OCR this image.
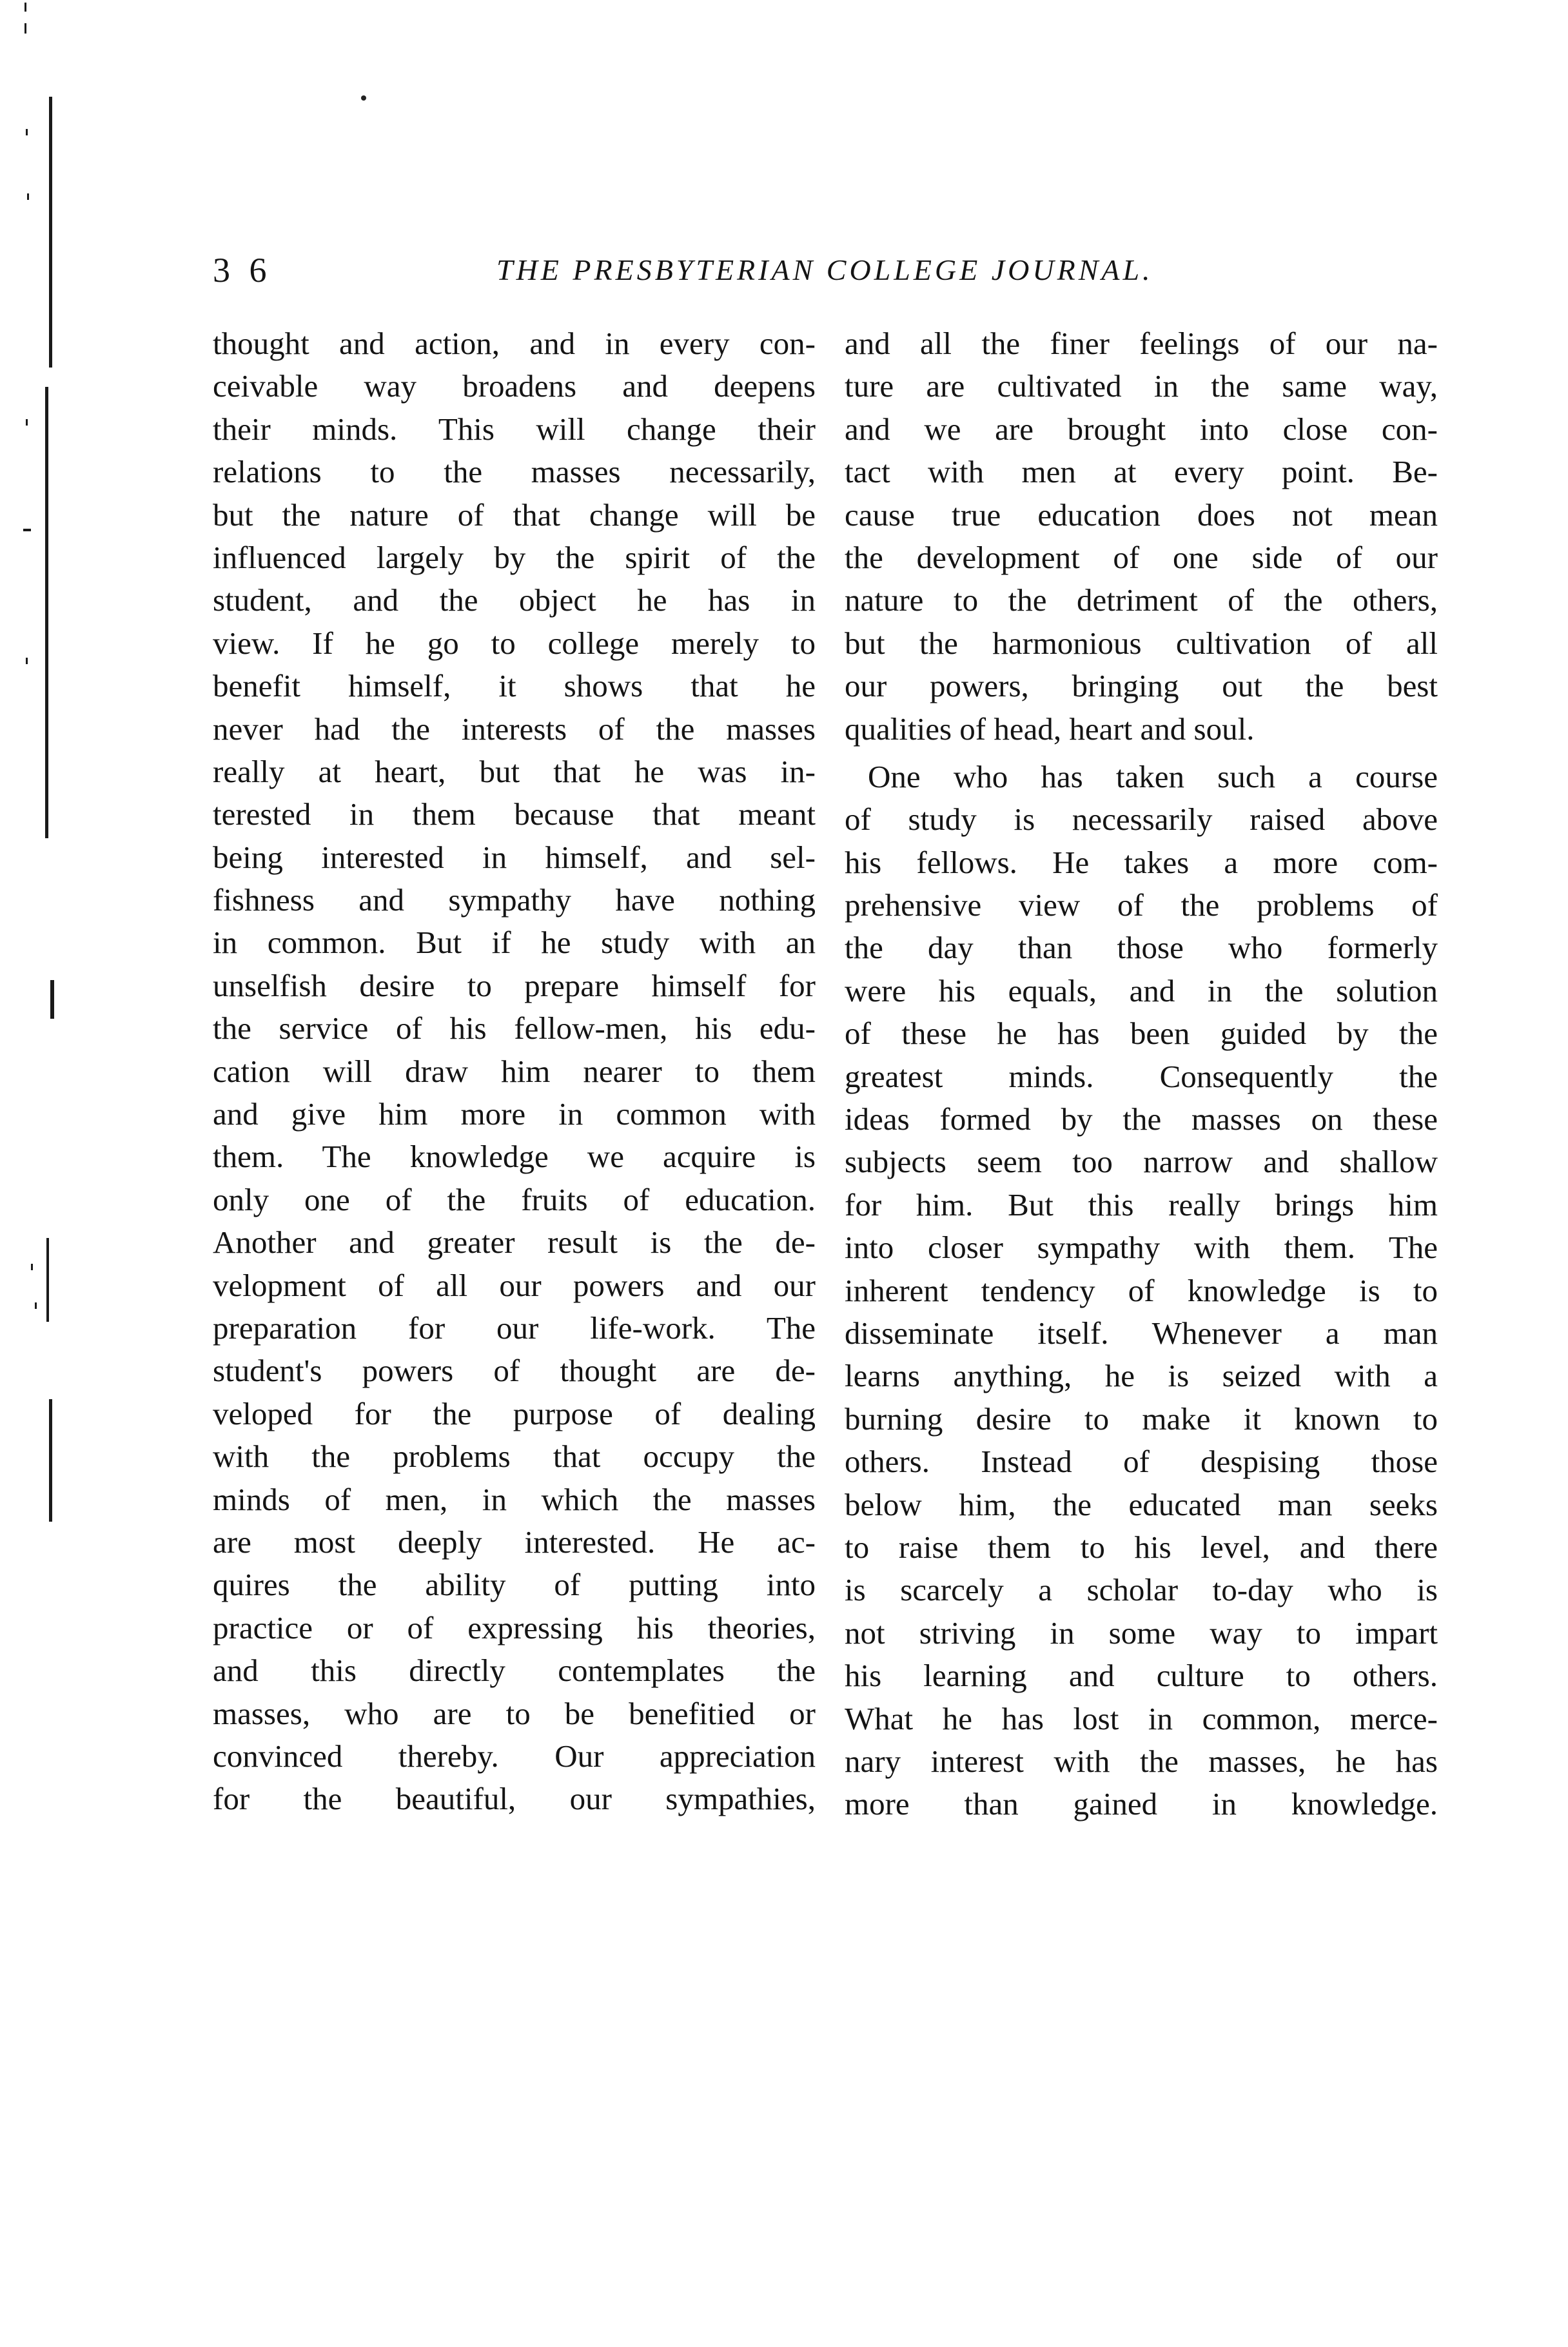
3 6	THE PRESBYTERIAN COLLEGE JOURNAL.
thought and action, and in every con-
ceivable way broadens and deepens
their minds. This will change their
relations to the masses necessarily,
but the nature of that change will be
influenced largely by the spirit of the
student, and the object he has in
view. If he go to college merely to
benefit himself, it shows that he
never had the interests of the masses
really at heart, but that he was in-
terested in them because that meant
being interested in himself, and sel-
fishness and sympathy have nothing
in common. But if he study with an
unselfish desire to prepare himself for
the service of his fellow-men, his edu-
cation will draw him nearer to them
and give him more in common with
them. The knowledge we acquire is
only one of the fruits of education.
Another and greater result is the de-
velopment of all our powers and our
preparation for our life-work. The
student's powers of thought are de-
veloped for the purpose of dealing
with the problems that occupy the
minds of men, in which the masses
are most deeply interested. He ac-
quires the ability of putting into
practice or of expressing his theories,
and this directly contemplates the
masses, who are to be benefitied or
convinced thereby. Our appreciation
for the beautiful, our sympathies,
and all the finer feelings of our na-
ture are cultivated in the same way,
and we are brought into close con-
tact with men at every point. Be-
cause true education does not mean
the development of one side of our
nature to the detriment of the others,
but the harmonious cultivation of all
our powers, bringing out the best
qualities of head, heart and soul.
One who has taken such a course
of study is necessarily raised above
his fellows. He takes a more com-
prehensive view of the problems of
the day than those who formerly
were his equals, and in the solution
of these he has been guided by the
greatest minds. Consequently the
ideas formed by the masses on these
subjects seem too narrow and shallow
for him. But this really brings him
into closer sympathy with them. The
inherent tendency of knowledge is to
disseminate itself. Whenever a man
learns anything, he is seized with a
burning desire to make it known to
others. Instead of despising those
below him, the educated man seeks
to raise them to his level, and there
is scarcely a scholar to-day who is
not striving in some way to impart
his learning and culture to others.
What he has lost in common, merce-
nary interest with the masses, he has
more than gained in knowledge.
